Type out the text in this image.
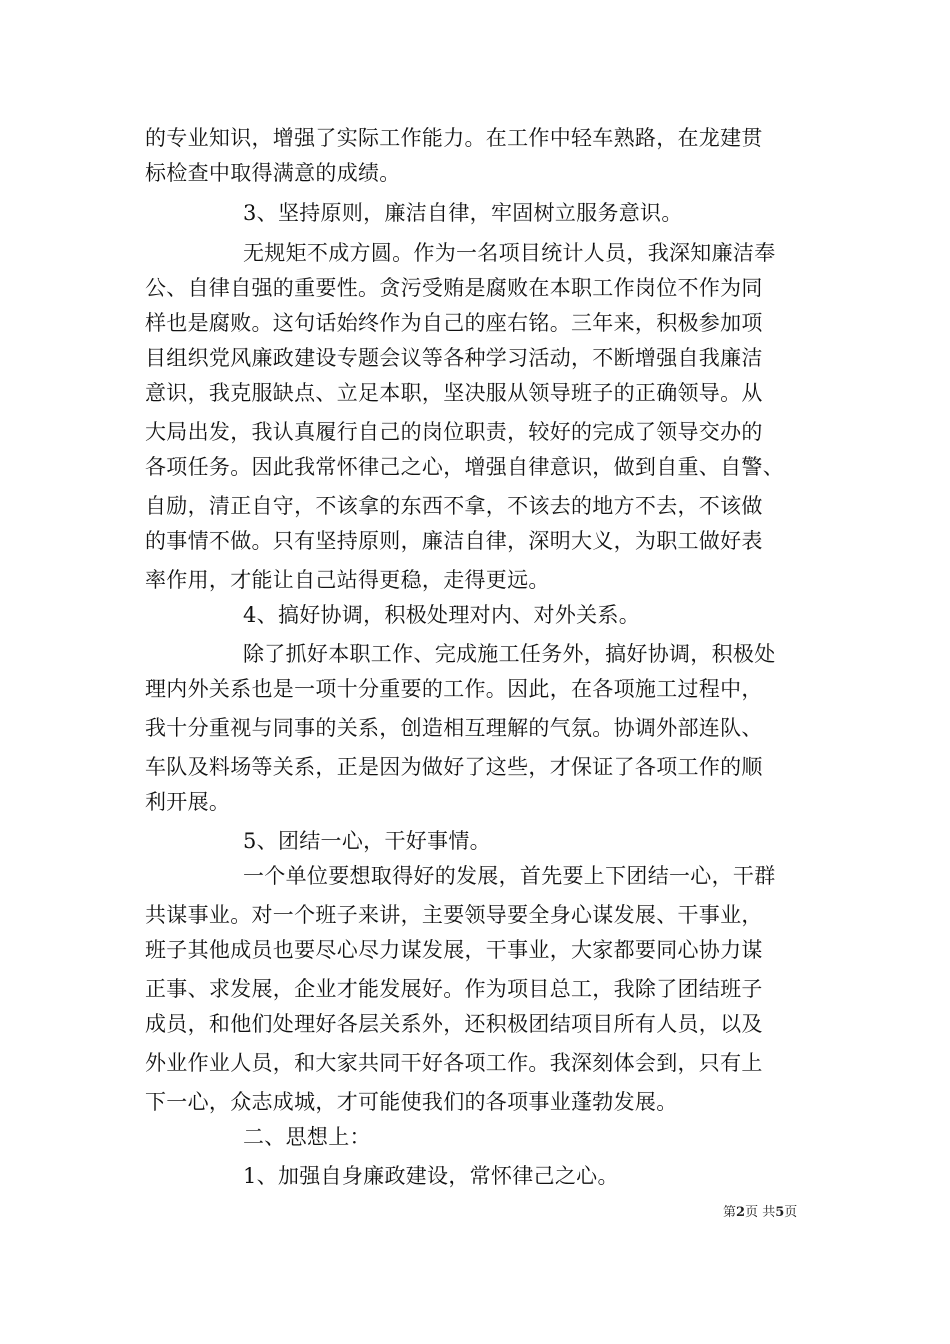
的专业知识，增强了实际工作能力。在工作中轻车熟路，在龙建贯
标检查中取得满意的成绩。
3、坚持原则，廉洁自律，牢固树立服务意识。
无规矩不成方圆。作为一名项目统计人员，我深知廉洁奉
公、自律自强的重要性。贪污受贿是腐败在本职工作岗位不作为同
样也是腐败。这句话始终作为自己的座右铭。三年来，积极参加项
目组织党风廉政建设专题会议等各种学习活动，不断增强自我廉洁
意识，我克服缺点、立足本职，坚决服从领导班子的正确领导。从
大局出发，我认真履行自己的岗位职责，较好的完成了领导交办的
各项任务。因此我常怀律己之心，增强自律意识，做到自重、自警、
自励，清正自守，不该拿的东西不拿，不该去的地方不去，不该做
的事情不做。只有坚持原则，廉洁自律，深明大义，为职工做好表
率作用，才能让自己站得更稳，走得更远。
4、搞好协调，积极处理对内、对外关系。
除了抓好本职工作、完成施工任务外，搞好协调，积极处
理内外关系也是一项十分重要的工作。因此，在各项施工过程中，
我十分重视与同事的关系，创造相互理解的气氛。协调外部连队、
车队及料场等关系，正是因为做好了这些，才保证了各项工作的顺
利开展。
5、团结一心，干好事情。
一个单位要想取得好的发展，首先要上下团结一心，干群
共谋事业。对一个班子来讲，主要领导要全身心谋发展、干事业，
班子其他成员也要尽心尽力谋发展，干事业，大家都要同心协力谋
正事、求发展，企业才能发展好。作为项目总工，我除了团结班子
成员，和他们处理好各层关系外，还积极团结项目所有人员，以及
外业作业人员，和大家共同干好各项工作。我深刻体会到，只有上
下一心，众志成城，才可能使我们的各项事业蓬勃发展。
二、思想上：
1、加强自身廉政建设，常怀律己之心。
第2页 共5页
